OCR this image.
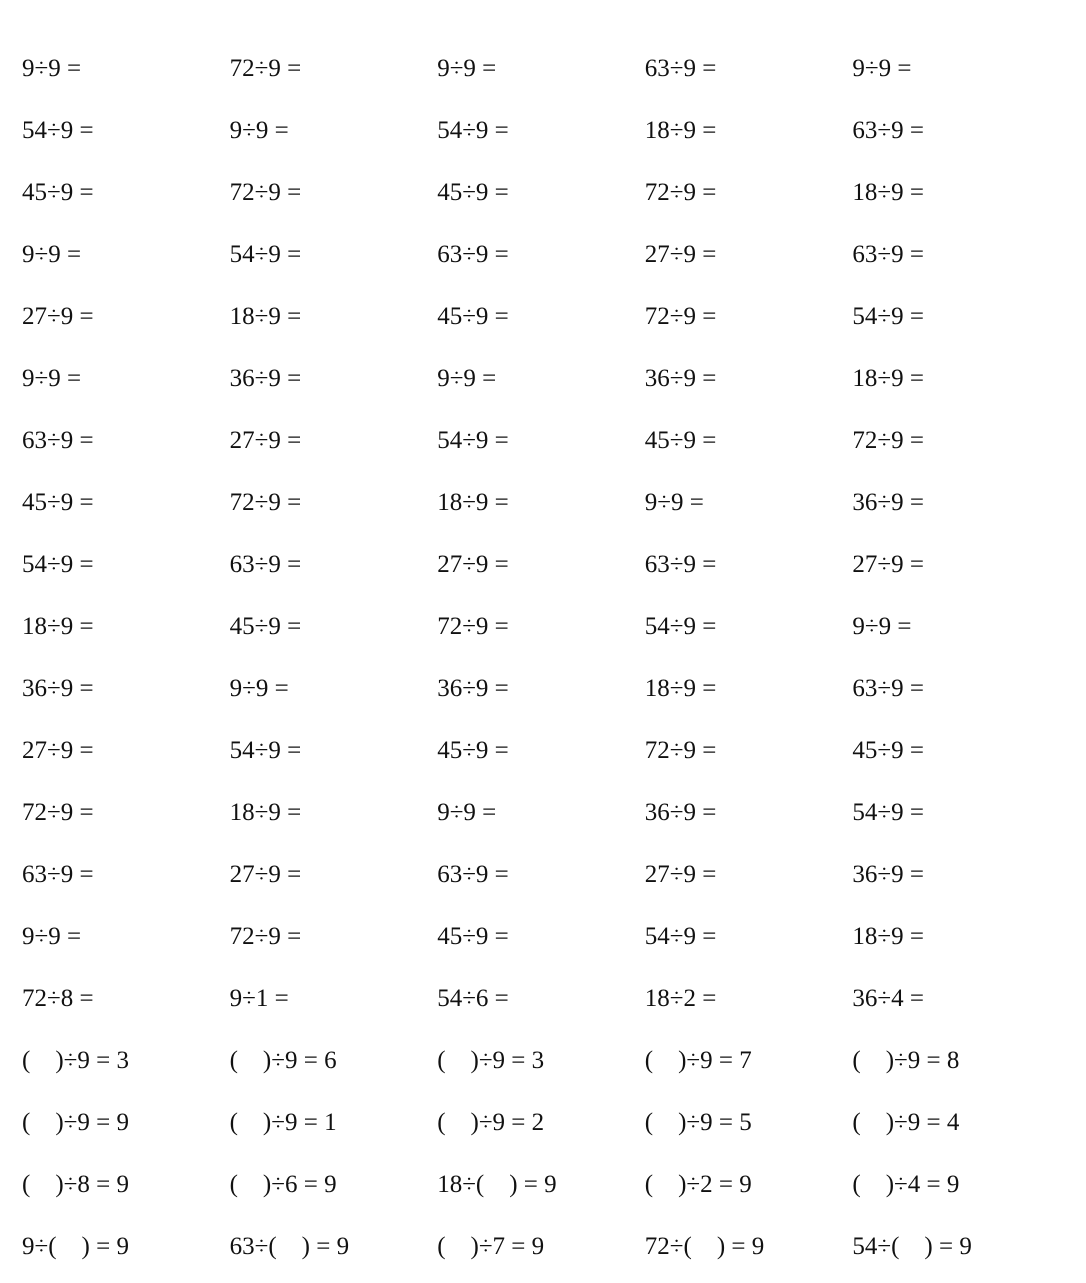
9÷9 =	72÷9 =	9÷9 =	63÷9 =	9÷9 =
54÷9 =	9÷9 =	54÷9 =	18÷9 =	63÷9 =
45÷9 =	72÷9 =	45÷9 =	72÷9 =	18÷9 =
9÷9 =	54÷9 =	63÷9 =	27÷9 =	63÷9 =
27÷9 =	18÷9 =	45÷9 =	72÷9 =	54÷9 =
9÷9 =	36÷9 =	9÷9 =	36÷9 =	18÷9 =
63÷9 =	27÷9 =	54÷9 =	45÷9 =	72÷9 =
45÷9 =	72÷9 =	18÷9 =	9÷9 =	36÷9 =
54÷9 =	63÷9 =	27÷9 =	63÷9 =	27÷9 =
18÷9 =	45÷9 =	72÷9 =	54÷9 =	9÷9 =
36÷9 =	9÷9 =	36÷9 =	18÷9 =	63÷9 =
27÷9 =	54÷9 =	45÷9 =	72÷9 =	45÷9 =
72÷9 =	18÷9 =	9÷9 =	36÷9 =	54÷9 =
63÷9 =	27÷9 =	63÷9 =	27÷9 =	36÷9 =
9÷9 =	72÷9 =	45÷9 =	54÷9 =	18÷9 =
72÷8 =	9÷1 =	54÷6 =	18÷2 =	36÷4 =
(    )÷9 = 3	(    )÷9 = 6	(    )÷9 = 3	(    )÷9 = 7	(    )÷9 = 8
(    )÷9 = 9	(    )÷9 = 1	(    )÷9 = 2	(    )÷9 = 5	(    )÷9 = 4
(    )÷8 = 9	(    )÷6 = 9	18÷(    ) = 9	(    )÷2 = 9	(    )÷4 = 9
9÷(    ) = 9	63÷(    ) = 9	(    )÷7 = 9	72÷(    ) = 9	54÷(    ) = 9
